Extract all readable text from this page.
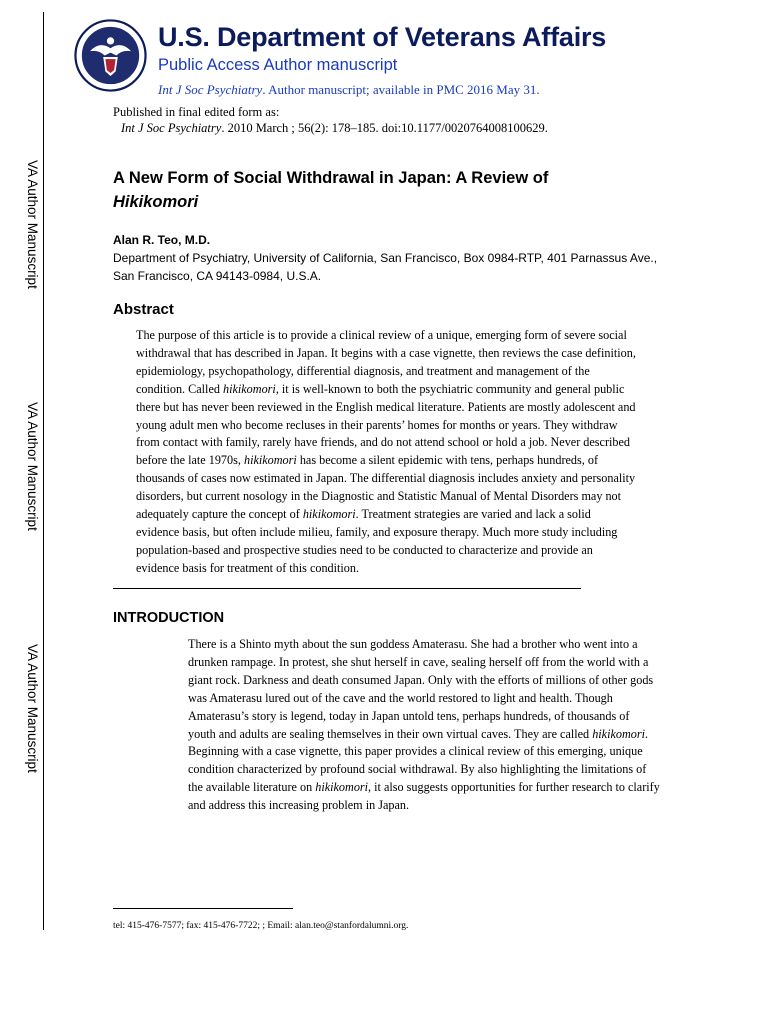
VA Author Manuscript
VA Author Manuscript
VA Author Manuscript
U.S. Department of Veterans Affairs
Public Access Author manuscript
Int J Soc Psychiatry. Author manuscript; available in PMC 2016 May 31.
Published in final edited form as:
Int J Soc Psychiatry. 2010 March ; 56(2): 178–185. doi:10.1177/0020764008100629.
A New Form of Social Withdrawal in Japan: A Review of
Hikikomori
Alan R. Teo, M.D.
Department of Psychiatry, University of California, San Francisco, Box 0984-RTP, 401 Parnassus Ave., San Francisco, CA 94143-0984, U.S.A.
Abstract

The purpose of this article is to provide a clinical review of a unique, emerging form of severe social withdrawal that has described in Japan. It begins with a case vignette, then reviews the case definition, epidemiology, psychopathology, differential diagnosis, and treatment and management of the condition. Called hikikomori, it is well-known to both the psychiatric community and general public there but has never been reviewed in the English medical literature. Patients are mostly adolescent and young adult men who become recluses in their parents’ homes for months or years. They withdraw from contact with family, rarely have friends, and do not attend school or hold a job. Never described before the late 1970s, hikikomori has become a silent epidemic with tens, perhaps hundreds, of thousands of cases now estimated in Japan. The differential diagnosis includes anxiety and personality disorders, but current nosology in the Diagnostic and Statistic Manual of Mental Disorders may not adequately capture the concept of hikikomori. Treatment strategies are varied and lack a solid evidence basis, but often include milieu, family, and exposure therapy. Much more study including population-based and prospective studies need to be conducted to characterize and provide an evidence basis for treatment of this condition.

INTRODUCTION

There is a Shinto myth about the sun goddess Amaterasu. She had a brother who went into a drunken rampage. In protest, she shut herself in cave, sealing herself off from the world with a giant rock. Darkness and death consumed Japan. Only with the efforts of millions of other gods was Amaterasu lured out of the cave and the world restored to light and health. Though Amaterasu’s story is legend, today in Japan untold tens, perhaps hundreds, of thousands of youth and adults are sealing themselves in their own virtual caves. They are called hikikomori. Beginning with a case vignette, this paper provides a clinical review of this emerging, unique condition characterized by profound social withdrawal. By also highlighting the limitations of the available literature on hikikomori, it also suggests opportunities for further research to clarify and address this increasing problem in Japan.

tel: 415-476-7577; fax: 415-476-7722; ; Email: alan.teo@stanfordalumni.org.
